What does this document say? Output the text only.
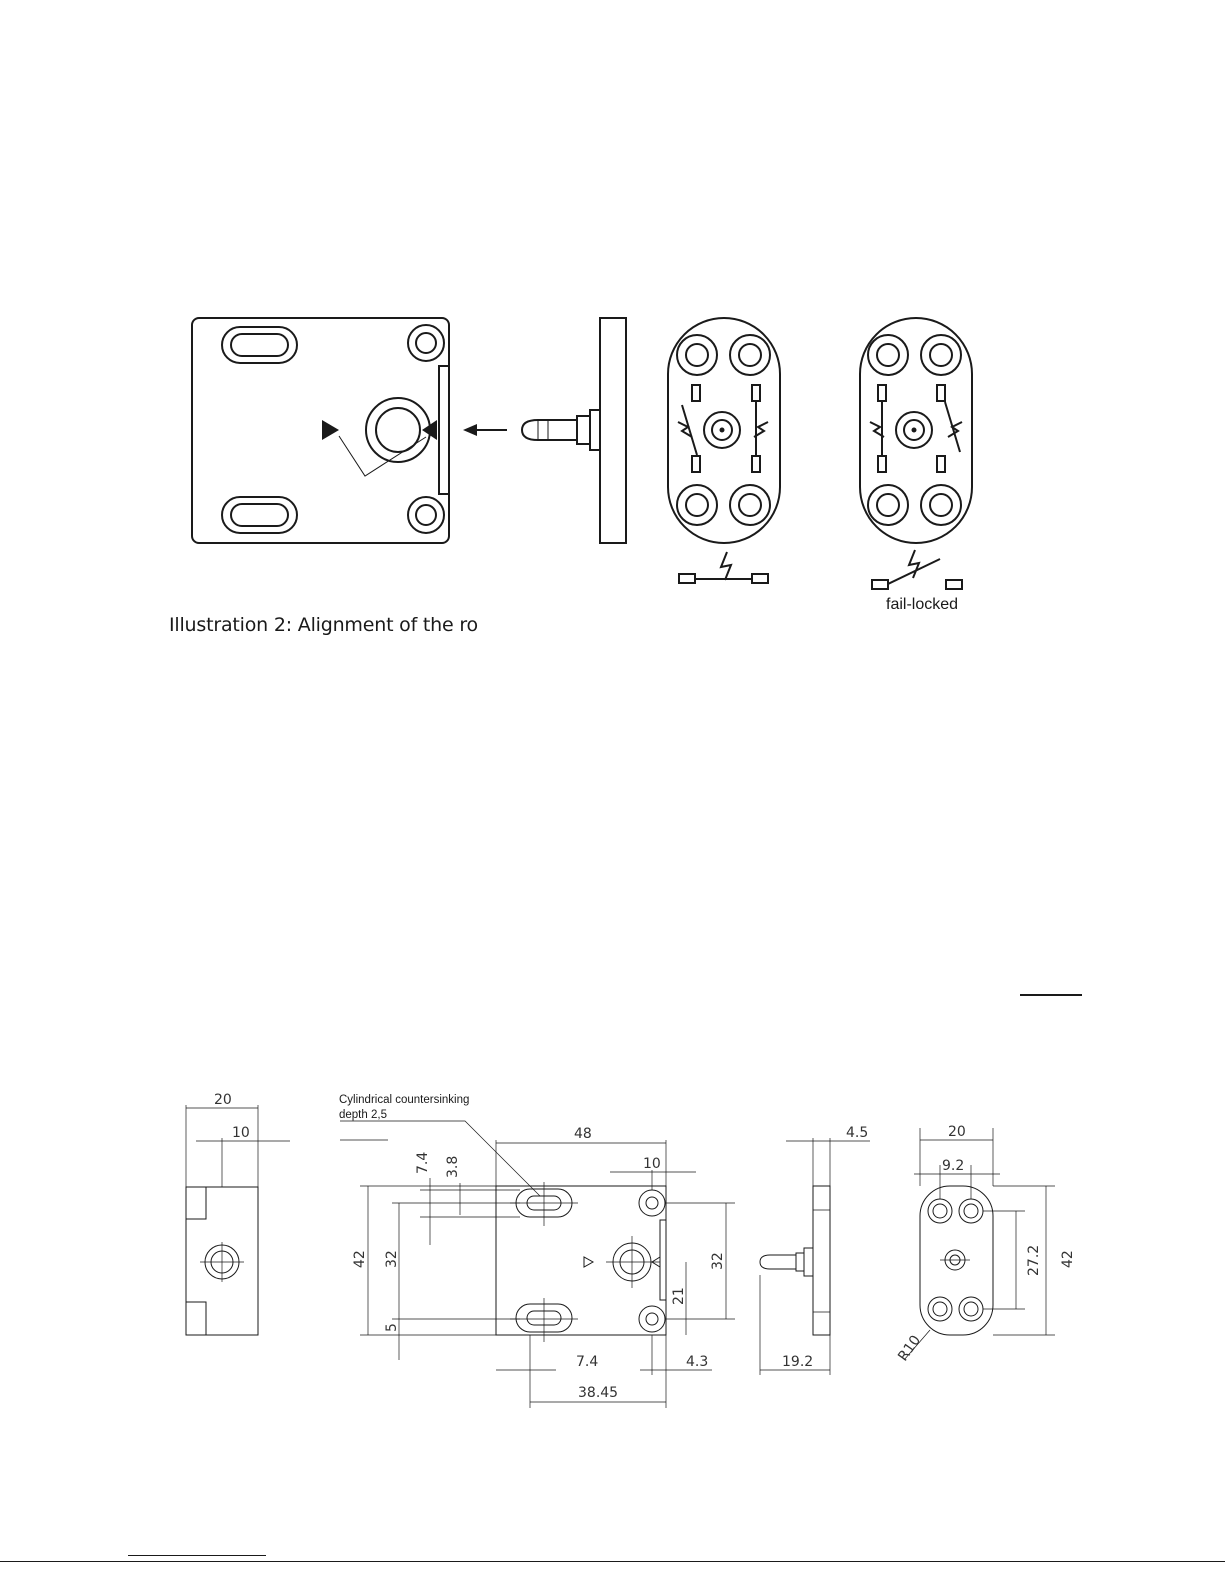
Illustration 2: Alignment of the ro
fail-locked
20
10	48
10
7.4 3.8
42 32
5
32
21
7.4	4.3
38.45
4.5
19.2
20
9.2
27.2 42
R10
Cylindrical countersinking
depth 2,5
